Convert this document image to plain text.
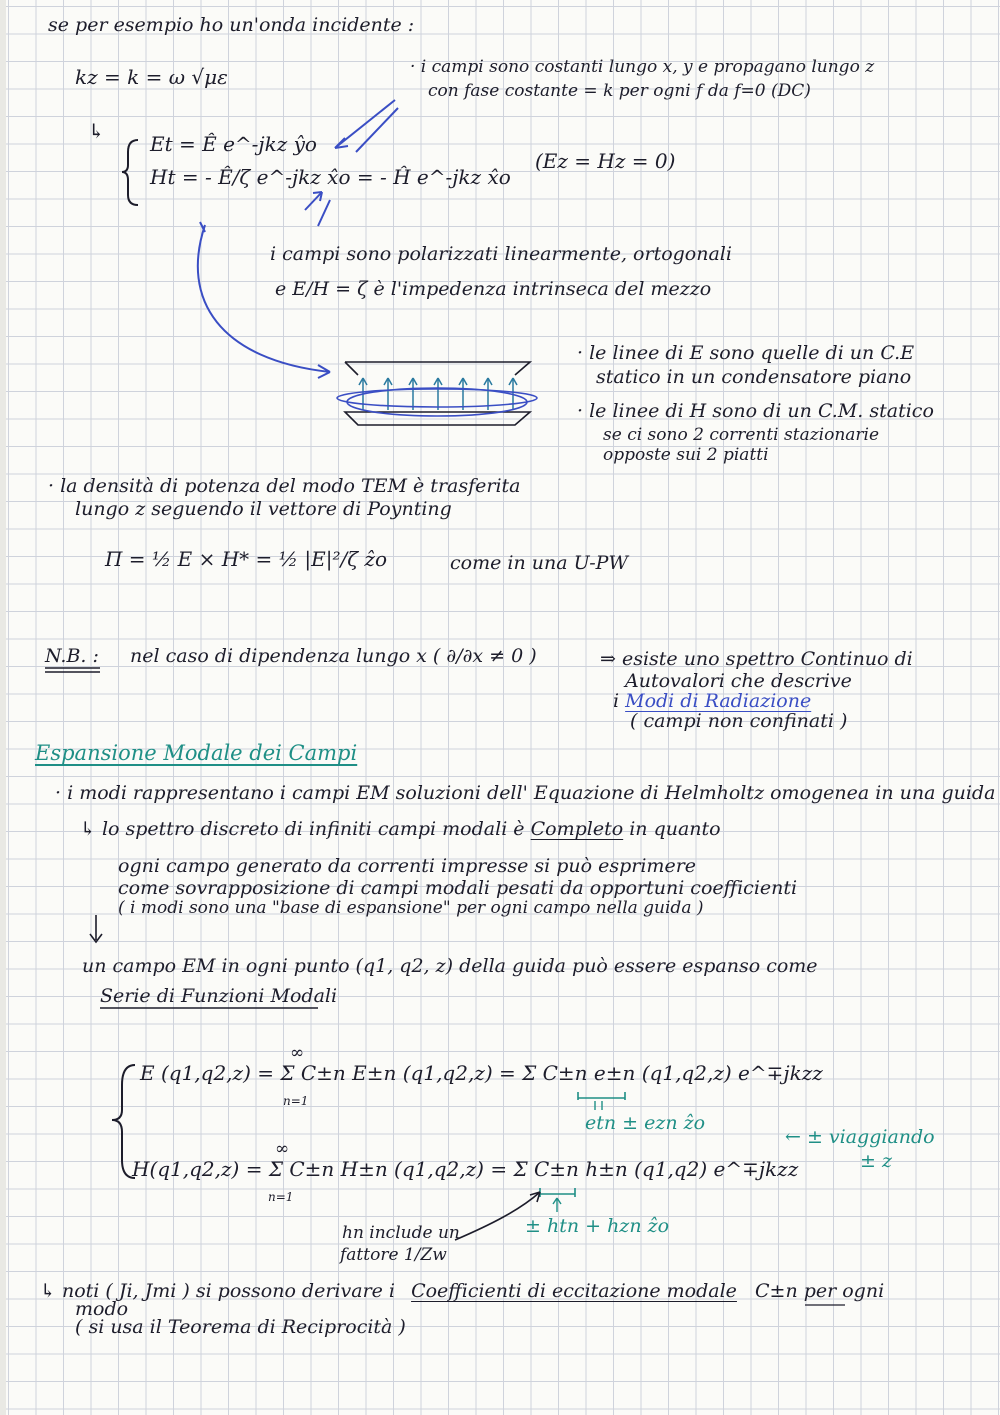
se per esempio ho un'onda incidente :
kz = k = ω √με	· i campi sono costanti lungo x, y e propagano lungo z
con fase costante = k per ogni f da f=0 (DC)
↳
Et = Ê e^-jkz ŷo
Ht = - Ê/ζ e^-jkz x̂o = - Ĥ e^-jkz x̂o
(Ez = Hz = 0)
i campi sono polarizzati linearmente, ortogonali
e E/H = ζ è l'impedenza intrinseca del mezzo
· le linee di E sono quelle di un C.E
statico in un condensatore piano
· le linee di H sono di un C.M. statico
se ci sono 2 correnti stazionarie
opposte sui 2 piatti
· la densità di potenza del modo TEM è trasferita
lungo z seguendo il vettore di Poynting
Π = ½ E × H* = ½ |E|²/ζ ẑo	come in una U-PW
N.B. : nel caso di dipendenza lungo x ( ∂/∂x ≠ 0 )	⇒ esiste uno spettro Continuo di
Autovalori che descrive
i Modi di Radiazione
( campi non confinati )
Espansione Modale dei Campi
· i modi rappresentano i campi EM soluzioni dell' Equazione di Helmholtz omogenea in una guida
↳ lo spettro discreto di infiniti campi modali è Completo in quanto
ogni campo generato da correnti impresse si può esprimere
come sovrapposizione di campi modali pesati da opportuni coefficienti
( i modi sono una "base di espansione" per ogni campo nella guida )
un campo EM in ogni punto (q1, q2, z) della guida può essere espanso come
Serie di Funzioni Modali
E (q1,q2,z) = Σ C±n E±n (q1,q2,z) = Σ C±n e±n (q1,q2,z) e^∓jkzz
∞
n=1
etn ± ezn ẑo
← ± viaggiando
± z
H(q1,q2,z) = Σ C±n H±n (q1,q2,z) = Σ C±n h±n (q1,q2) e^∓jkzz
∞
n=1
± htn + hzn ẑo
hn include un
fattore 1/Zw
↳ noti ( Ji, Jmi ) si possono derivare i Coefficienti di eccitazione modale C±n per ogni
modo
( si usa il Teorema di Reciprocità )
